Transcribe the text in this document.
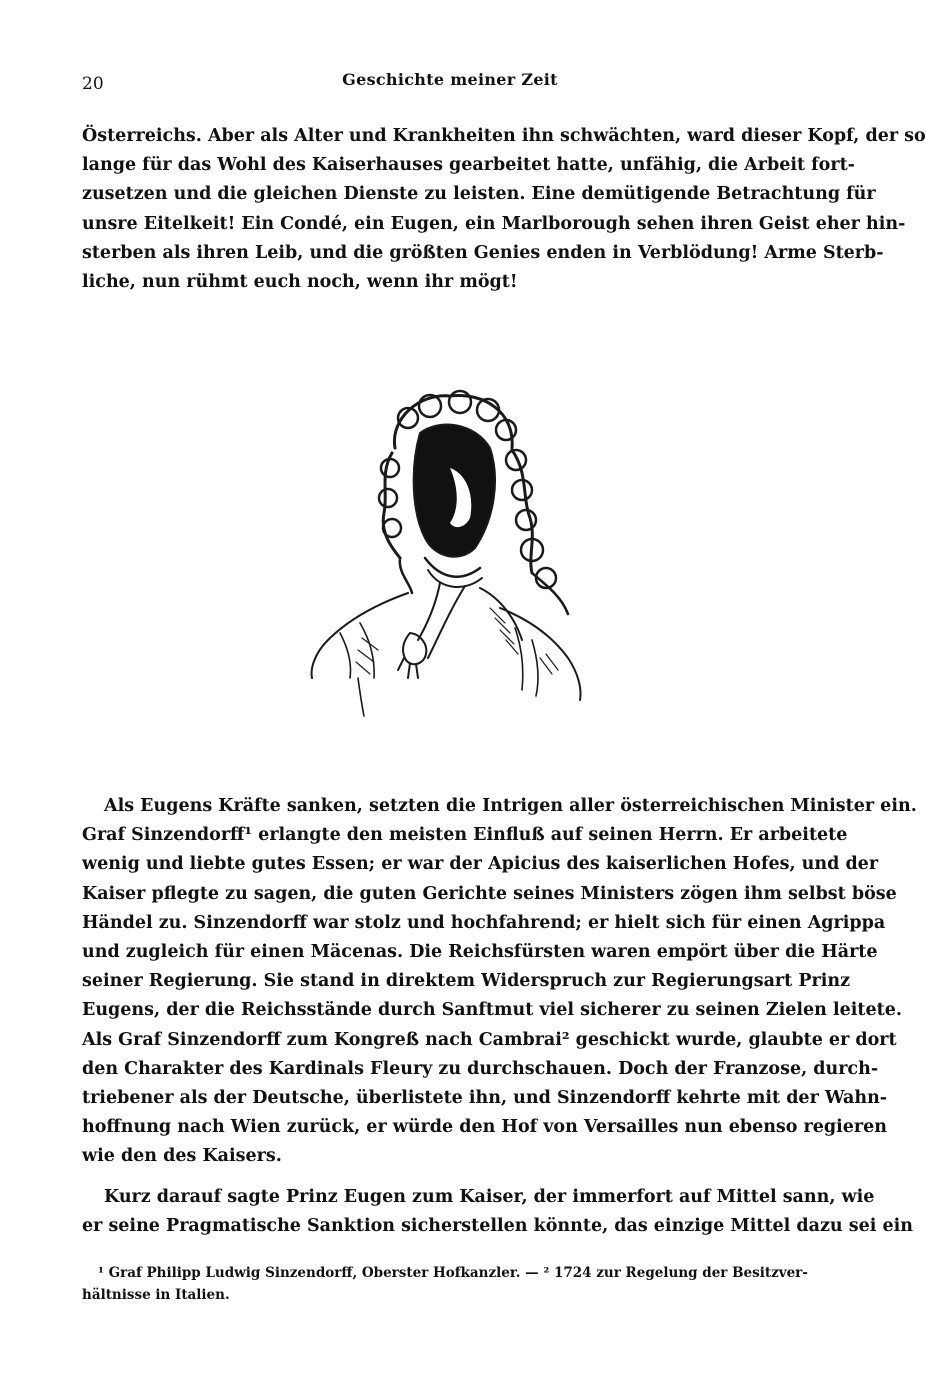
20	Geschichte meiner Zeit

Österreichs. Aber als Alter und Krankheiten ihn schwächten, ward dieser Kopf, der so
lange für das Wohl des Kaiserhauses gearbeitet hatte, unfähig, die Arbeit fort-
zusetzen und die gleichen Dienste zu leisten. Eine demütigende Betrachtung für
unsre Eitelkeit! Ein Condé, ein Eugen, ein Marlborough sehen ihren Geist eher hin-
sterben als ihren Leib, und die größten Genies enden in Verblödung! Arme Sterb-
liche, nun rühmt euch noch, wenn ihr mögt!

Als Eugens Kräfte sanken, setzten die Intrigen aller österreichischen Minister ein.
Graf Sinzendorff¹ erlangte den meisten Einfluß auf seinen Herrn. Er arbeitete
wenig und liebte gutes Essen; er war der Apicius des kaiserlichen Hofes, und der
Kaiser pflegte zu sagen, die guten Gerichte seines Ministers zögen ihm selbst böse
Händel zu. Sinzendorff war stolz und hochfahrend; er hielt sich für einen Agrippa
und zugleich für einen Mäcenas. Die Reichsfürsten waren empört über die Härte
seiner Regierung. Sie stand in direktem Widerspruch zur Regierungsart Prinz
Eugens, der die Reichsstände durch Sanftmut viel sicherer zu seinen Zielen leitete.
Als Graf Sinzendorff zum Kongreß nach Cambrai² geschickt wurde, glaubte er dort
den Charakter des Kardinals Fleury zu durchschauen. Doch der Franzose, durch-
triebener als der Deutsche, überlistete ihn, und Sinzendorff kehrte mit der Wahn-
hoffnung nach Wien zurück, er würde den Hof von Versailles nun ebenso regieren
wie den des Kaisers.

Kurz darauf sagte Prinz Eugen zum Kaiser, der immerfort auf Mittel sann, wie
er seine Pragmatische Sanktion sicherstellen könnte, das einzige Mittel dazu sei ein

¹ Graf Philipp Ludwig Sinzendorff, Oberster Hofkanzler. — ² 1724 zur Regelung der Besitzver-
hältnisse in Italien.
